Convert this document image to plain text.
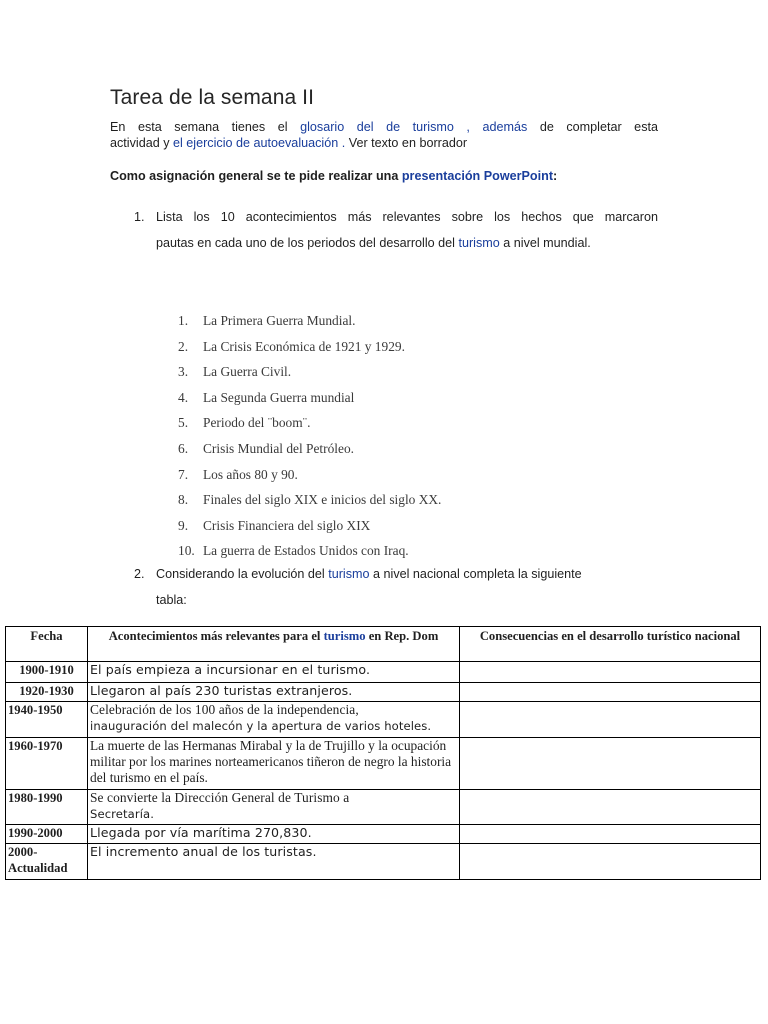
Tarea de la semana II
En esta semana tienes el glosario del de turismo , además de completar esta
actividad y el ejercicio de autoevaluación . Ver texto en borrador
Como asignación general se te pide realizar una presentación PowerPoint:
1. Lista los 10 acontecimientos más relevantes sobre los hechos que marcaron
pautas en cada uno de los periodos del desarrollo del turismo a nivel mundial.
1. La Primera Guerra Mundial.
2. La Crisis Económica de 1921 y 1929.
3. La Guerra Civil.
4. La Segunda Guerra mundial
5. Periodo del ¨boom¨.
6. Crisis Mundial del Petróleo.
7. Los años 80 y 90.
8. Finales del siglo XIX e inicios del siglo XX.
9. Crisis Financiera del siglo XIX
10. La guerra de Estados Unidos con Iraq.
2. Considerando la evolución del turismo a nivel nacional completa la siguiente
tabla:
Fecha	Acontecimientos más relevantes para el turismo en Rep. Dom	Consecuencias en el desarrollo turístico nacional
1900-1910	El país empieza a incursionar en el turismo.	
1920-1930	Llegaron al país 230 turistas extranjeros.	
1940-1950	Celebración de los 100 años de la independencia,
inauguración del malecón y la apertura de varios hoteles.	
1960-1970	La muerte de las Hermanas Mirabal y la de Trujillo y la ocupación militar por los marines norteamericanos tiñeron de negro la historia del turismo en el país.	
1980-1990	Se convierte la Dirección General de Turismo a
Secretaría.	
1990-2000	Llegada por vía marítima 270,830.	
2000-Actualidad	El incremento anual de los turistas.	
